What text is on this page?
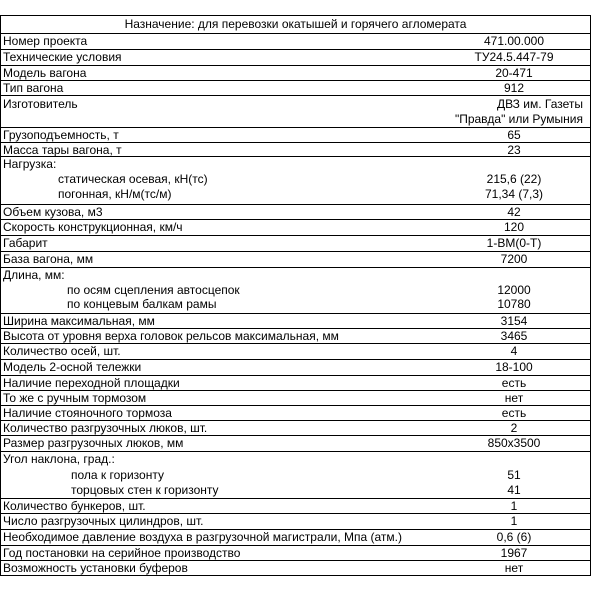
Назначение: для перевозки окатышей и горячего агломерата
Номер проекта	471.00.000
Технические условия	ТУ24.5.447-79
Модель вагона	20-471
Тип вагона	912
Изготовитель	ДВЗ им. Газеты
"Правда" или Румыния
Грузоподъемность, т	65
Масса тары вагона, т	23
Нагрузка:
статическая осевая, кН(тс)	215,6 (22)
погонная, кН/м(тс/м)	71,34 (7,3)
Объем кузова, м3	42
Скорость конструкционная, км/ч	120
Габарит	1-ВМ(0-Т)
База вагона, мм	7200
Длина, мм:
по осям сцепления автосцепок	12000
по концевым балкам рамы	10780
Ширина максимальная, мм	3154
Высота от уровня верха головок рельсов максимальная, мм	3465
Количество осей, шт.	4
Модель 2-осной тележки	18-100
Наличие переходной площадки	есть
То же с ручным тормозом	нет
Наличие стояночного тормоза	есть
Количество разгрузочных люков, шт.	2
Размер разгрузочных люков, мм	850х3500
Угол наклона, град.:
пола к горизонту	51
торцовых стен к горизонту	41
Количество бункеров, шт.	1
Число разгрузочных цилиндров, шт.	1
Необходимое давление воздуха в разгрузочной магистрали, Мпа (атм.)	0,6 (6)
Год постановки на серийное производство	1967
Возможность установки буферов	нет
